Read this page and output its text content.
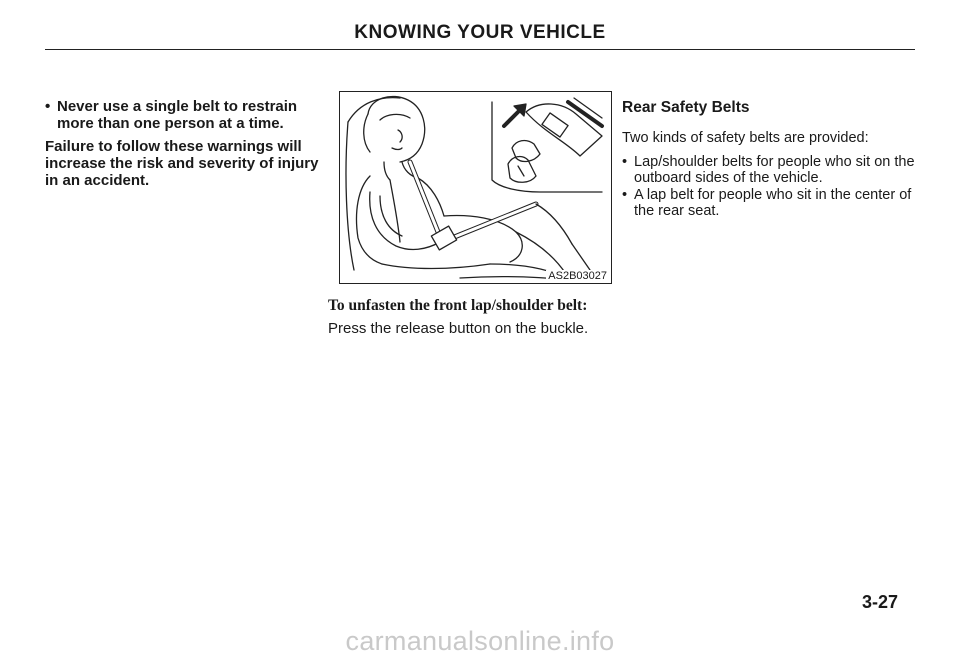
KNOWING YOUR VEHICLE
• Never use a single belt to restrain more than one person at a time.
Failure to follow these warnings will increase the risk and severity of injury in an accident.
AS2B03027
To unfasten the front lap/shoulder belt:
Press the release button on the buckle.
Rear Safety Belts
Two kinds of safety belts are provided:
• Lap/shoulder belts for people who sit on the outboard sides of the vehicle.
• A lap belt for people who sit in the center of the rear seat.
3-27
carmanualsonline.info
